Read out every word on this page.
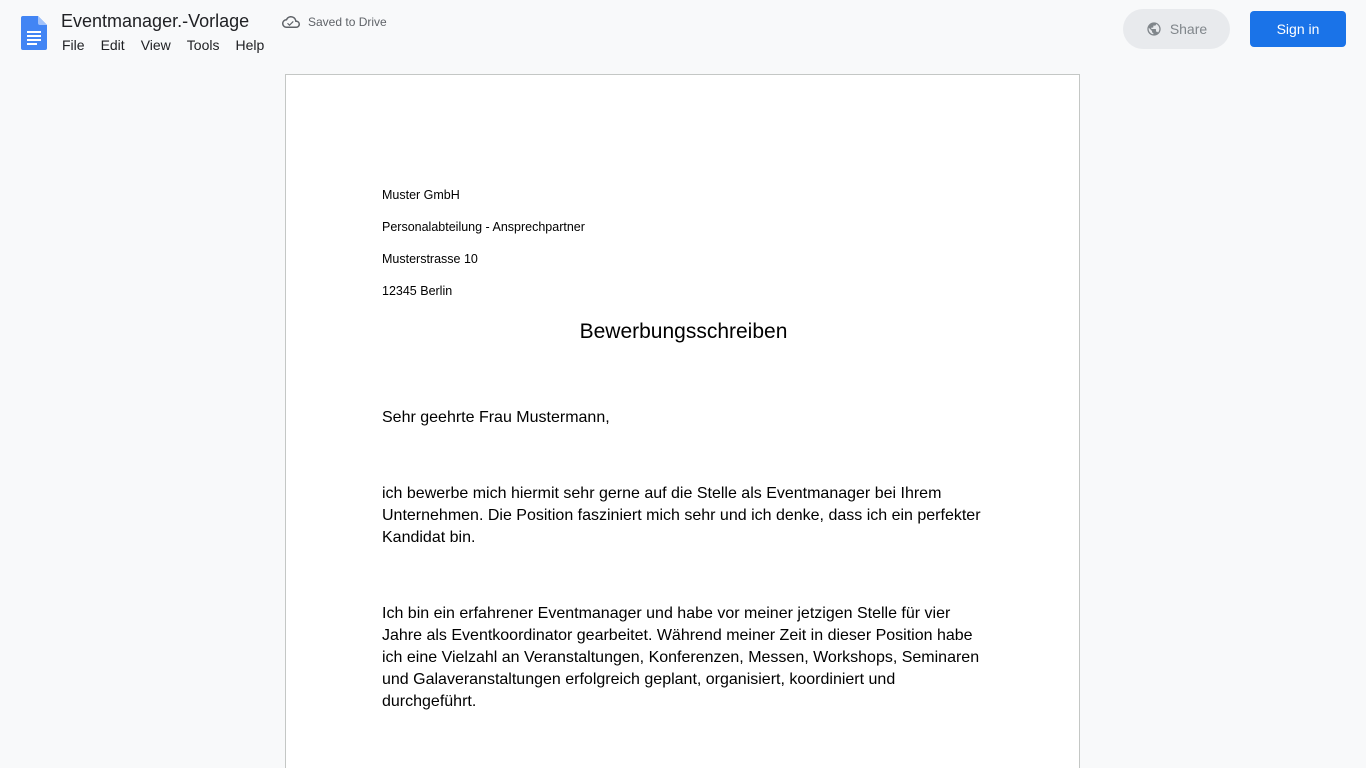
Eventmanager.-Vorlage	Saved to Drive
File	Edit	View	Tools	Help
Share	Sign in

Muster GmbH

Personalabteilung - Ansprechpartner

Musterstrasse 10

12345 Berlin

Bewerbungsschreiben

Sehr geehrte Frau Mustermann,

ich bewerbe mich hiermit sehr gerne auf die Stelle als Eventmanager bei Ihrem Unternehmen. Die Position fasziniert mich sehr und ich denke, dass ich ein perfekter Kandidat bin.

Ich bin ein erfahrener Eventmanager und habe vor meiner jetzigen Stelle für vier Jahre als Eventkoordinator gearbeitet. Während meiner Zeit in dieser Position habe ich eine Vielzahl an Veranstaltungen, Konferenzen, Messen, Workshops, Seminaren und Galaveranstaltungen erfolgreich geplant, organisiert, koordiniert und durchgeführt.
